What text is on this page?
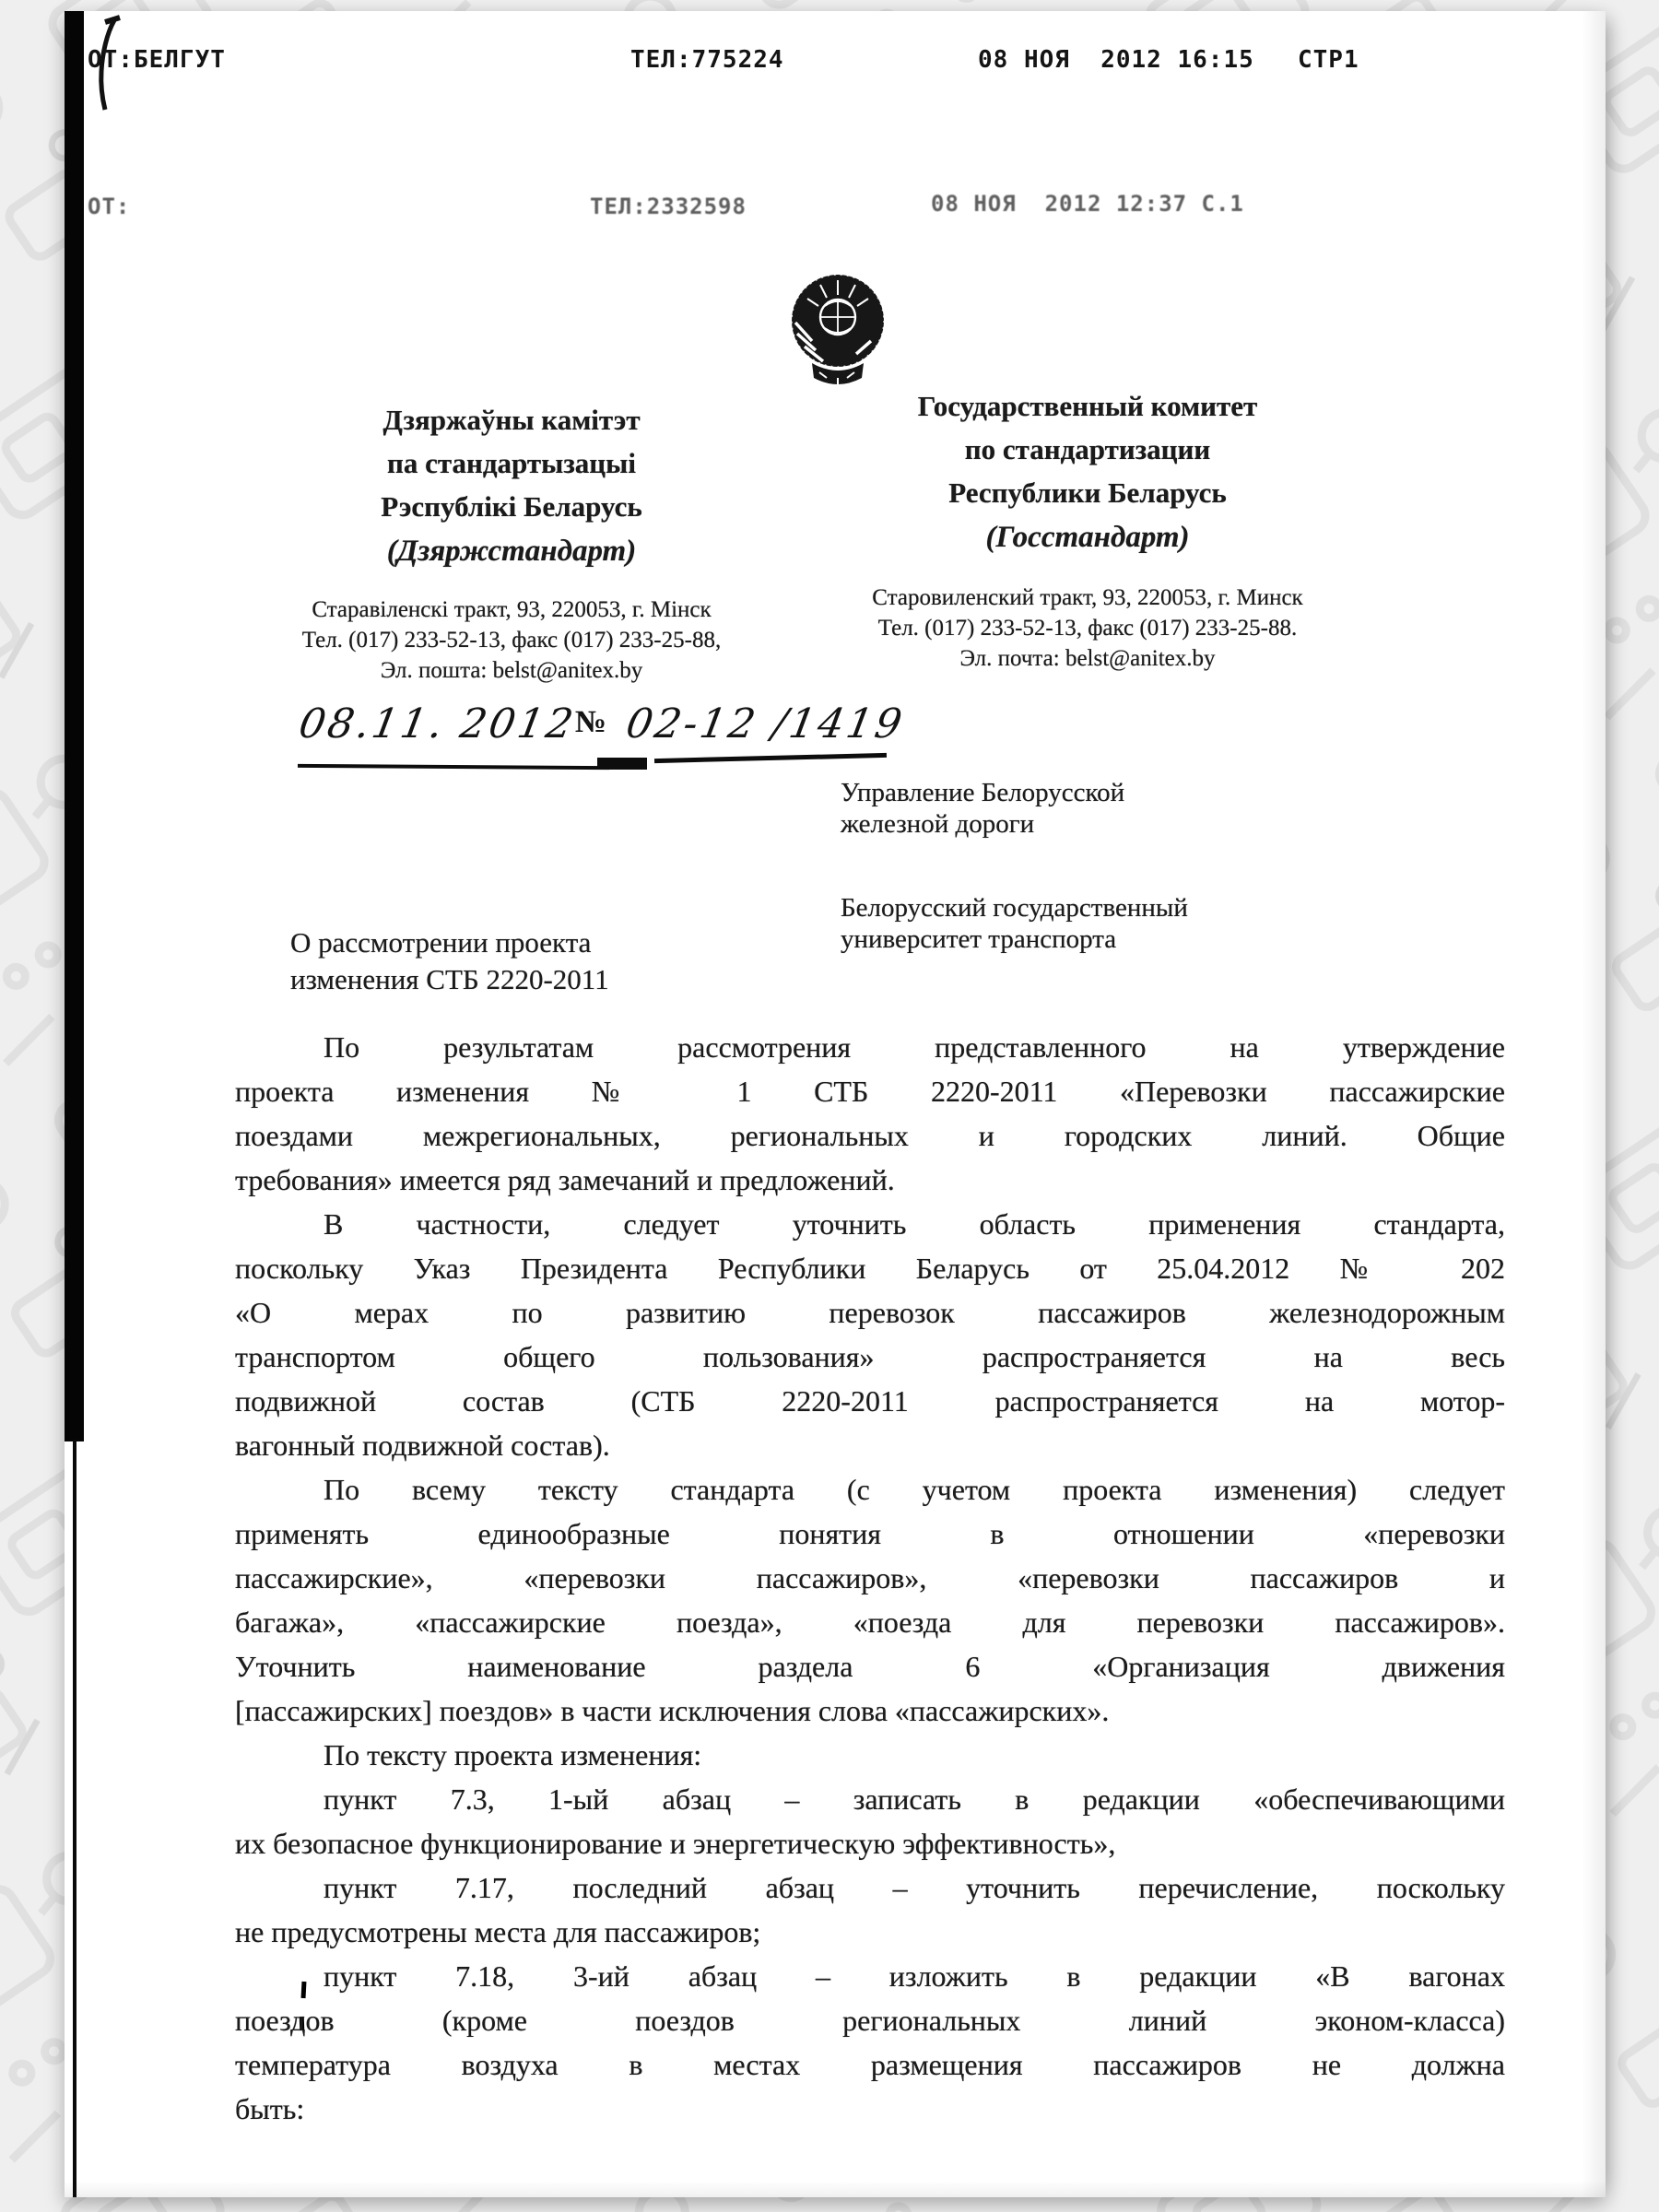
ОТ:БЕЛГУТ	ТЕЛ:775224	08 НОЯ  2012 16:15 СТР1
ОТ:	ТЕЛ:2332598	08 НОЯ  2012 12:37 С.1
Дзяржаўны камітэт
па стандартызацыі
Рэспублікі Беларусь
(Дзяржстандарт)
Старавіленскі тракт, 93, 220053, г. Мінск
Тел. (017) 233-52-13, факс (017) 233-25-88,
Эл. пошта: belst@anitex.by
Государственный комитет
по стандартизации
Республики Беларусь
(Госстандарт)
Старовиленский тракт, 93, 220053, г. Минск
Тел. (017) 233-52-13, факс (017) 233-25-88.
Эл. почта: belst@anitex.by
08.11. 2012№ 02-12 /1419
Управление Белорусской
железной дороги
Белорусский государственный
университет транспорта
О рассмотрении проекта
изменения СТБ 2220-2011
По результатам рассмотрения представленного на утверждение
проекта изменения № 1 СТБ 2220-2011 «Перевозки пассажирские
поездами межрегиональных, региональных и городских линий. Общие
требования» имеется ряд замечаний и предложений.
В частности, следует уточнить область применения стандарта,
поскольку Указ Президента Республики Беларусь от 25.04.2012 № 202
«О мерах по развитию перевозок пассажиров железнодорожным
транспортом общего пользования» распространяется на весь
подвижной состав (СТБ 2220-2011 распространяется на мотор-
вагонный подвижной состав).
По всему тексту стандарта (с учетом проекта изменения) следует
применять единообразные понятия в отношении «перевозки
пассажирские», «перевозки пассажиров», «перевозки пассажиров и
багажа», «пассажирские поезда», «поезда для перевозки пассажиров».
Уточнить наименование раздела 6 «Организация движения
[пассажирских] поездов» в части исключения слова «пассажирских».
По тексту проекта изменения:
пункт 7.3, 1-ый абзац – записать в редакции «обеспечивающими
их безопасное функционирование и энергетическую эффективность»,
пункт 7.17, последний абзац – уточнить перечисление, поскольку
не предусмотрены места для пассажиров;
пункт 7.18, 3-ий абзац – изложить в редакции «В вагонах
поездов (кроме поездов региональных линий эконом-класса)
температура воздуха в местах размещения пассажиров не должна
быть:
